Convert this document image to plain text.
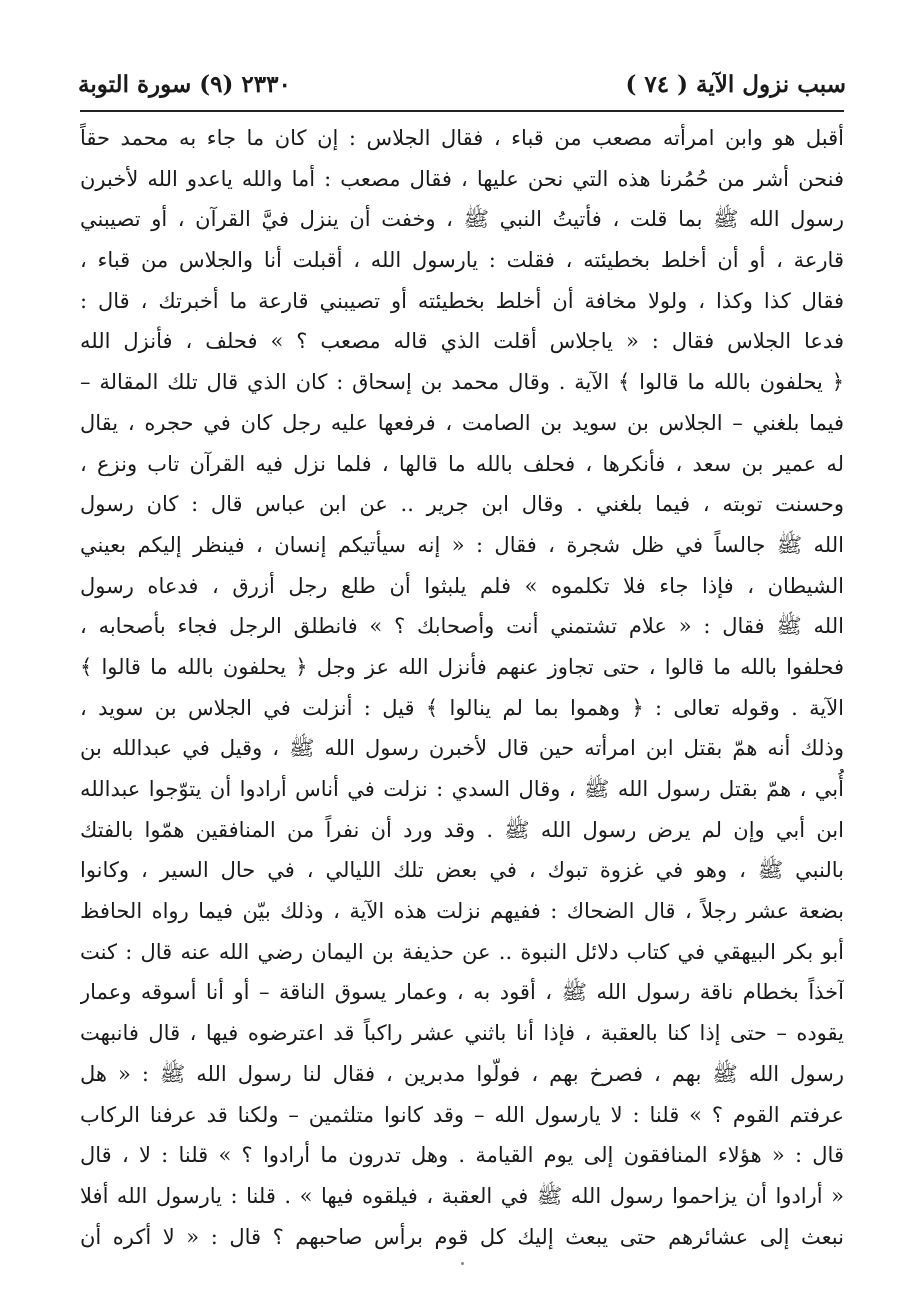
٢٣٣٠ (٩) سورة التوبة	سبب نزول الآية ( ٧٤ )
أقبل هو وابن امرأته مصعب من قباء ، فقال الجلاس : إن كان ما جاء به محمد حقاً
فنحن أشر من حُمُرنا هذه التي نحن عليها ، فقال مصعب : أما والله ياعدو الله لأخبرن
رسول الله ﷺ بما قلت ، فأتيتُ النبي ﷺ ، وخفت أن ينزل فيَّ القرآن ، أو تصيبني
قارعة ، أو أن أخلط بخطيئته ، فقلت : يارسول الله ، أقبلت أنا والجلاس من قباء ،
فقال كذا وكذا ، ولولا مخافة أن أخلط بخطيئته أو تصيبني قارعة ما أخبرتك ، قال :
فدعا الجلاس فقال : « ياجلاس أقلت الذي قاله مصعب ؟ » فحلف ، فأنزل الله
﴿ يحلفون بالله ما قالوا ﴾ الآية . وقال محمد بن إسحاق : كان الذي قال تلك المقالة –
فيما بلغني – الجلاس بن سويد بن الصامت ، فرفعها عليه رجل كان في حجره ، يقال
له عمير بن سعد ، فأنكرها ، فحلف بالله ما قالها ، فلما نزل فيه القرآن تاب ونزع ،
وحسنت توبته ، فيما بلغني . وقال ابن جرير .. عن ابن عباس قال : كان رسول
الله ﷺ جالساً في ظل شجرة ، فقال : « إنه سيأتيكم إنسان ، فينظر إليكم بعيني
الشيطان ، فإذا جاء فلا تكلموه » فلم يلبثوا أن طلع رجل أزرق ، فدعاه رسول
الله ﷺ فقال : « علام تشتمني أنت وأصحابك ؟ » فانطلق الرجل فجاء بأصحابه ،
فحلفوا بالله ما قالوا ، حتى تجاوز عنهم فأنزل الله عز وجل ﴿ يحلفون بالله ما قالوا ﴾
الآية . وقوله تعالى : ﴿ وهموا بما لم ينالوا ﴾ قيل : أنزلت في الجلاس بن سويد ،
وذلك أنه همّ بقتل ابن امرأته حين قال لأخبرن رسول الله ﷺ ، وقيل في عبدالله بن
أُبي ، همّ بقتل رسول الله ﷺ ، وقال السدي : نزلت في أناس أرادوا أن يتوّجوا عبدالله
ابن أبي وإن لم يرض رسول الله ﷺ . وقد ورد أن نفراً من المنافقين همّوا بالفتك
بالنبي ﷺ ، وهو في غزوة تبوك ، في بعض تلك الليالي ، في حال السير ، وكانوا
بضعة عشر رجلاً ، قال الضحاك : ففيهم نزلت هذه الآية ، وذلك بيّن فيما رواه الحافظ
أبو بكر البيهقي في كتاب دلائل النبوة .. عن حذيفة بن اليمان رضي الله عنه قال : كنت
آخذاً بخطام ناقة رسول الله ﷺ ، أقود به ، وعمار يسوق الناقة – أو أنا أسوقه وعمار
يقوده – حتى إذا كنا بالعقبة ، فإذا أنا باثني عشر راكباً قد اعترضوه فيها ، قال فانبهت
رسول الله ﷺ بهم ، فصرخ بهم ، فولّوا مدبرين ، فقال لنا رسول الله ﷺ : « هل
عرفتم القوم ؟ » قلنا : لا يارسول الله – وقد كانوا متلثمين – ولكنا قد عرفنا الركاب
قال : « هؤلاء المنافقون إلى يوم القيامة . وهل تدرون ما أرادوا ؟ » قلنا : لا ، قال
« أرادوا أن يزاحموا رسول الله ﷺ في العقبة ، فيلقوه فيها » . قلنا : يارسول الله أفلا
نبعث إلى عشائرهم حتى يبعث إليك كل قوم برأس صاحبهم ؟ قال : « لا أكره أن
